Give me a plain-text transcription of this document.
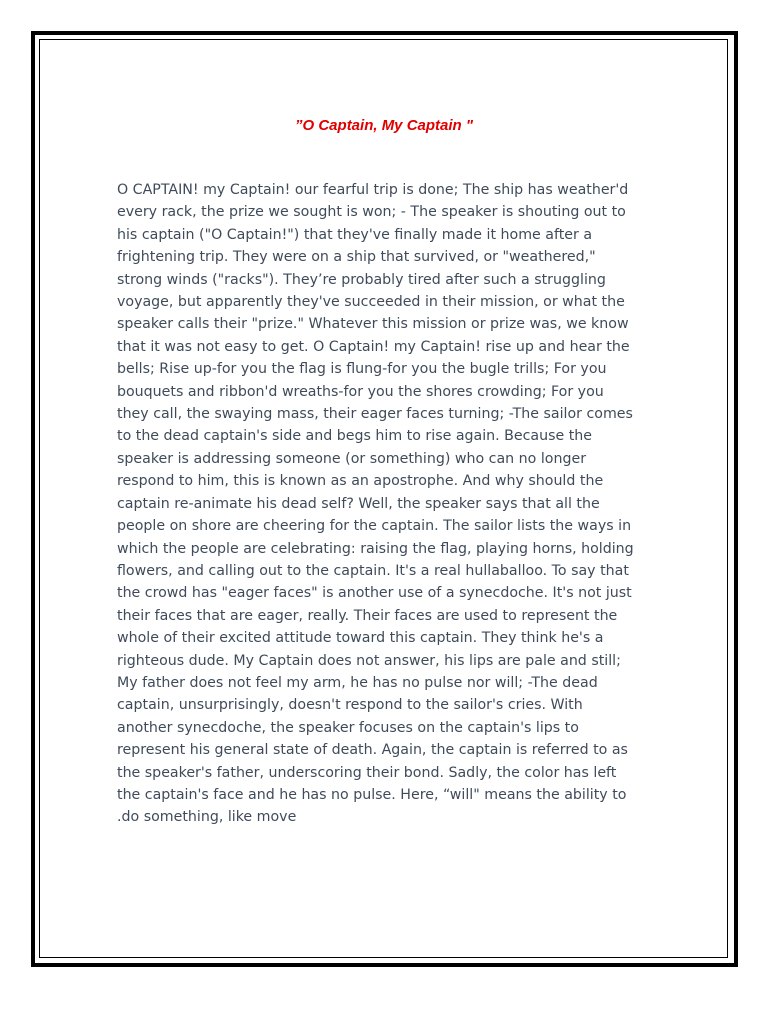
”O Captain, My Captain "
O CAPTAIN! my Captain! our fearful trip is done; The ship has weather'd
every rack, the prize we sought is won; - The speaker is shouting out to
his captain ("O Captain!") that they've finally made it home after a
frightening trip. They were on a ship that survived, or "weathered,"
strong winds ("racks"). They’re probably tired after such a struggling
voyage, but apparently they've succeeded in their mission, or what the
speaker calls their "prize." Whatever this mission or prize was, we know
that it was not easy to get. O Captain! my Captain! rise up and hear the
bells; Rise up-for you the flag is flung-for you the bugle trills; For you
bouquets and ribbon'd wreaths-for you the shores crowding; For you
they call, the swaying mass, their eager faces turning; -The sailor comes
to the dead captain's side and begs him to rise again. Because the
speaker is addressing someone (or something) who can no longer
respond to him, this is known as an apostrophe. And why should the
captain re-animate his dead self? Well, the speaker says that all the
people on shore are cheering for the captain. The sailor lists the ways in
which the people are celebrating: raising the flag, playing horns, holding
flowers, and calling out to the captain. It's a real hullaballoo. To say that
the crowd has "eager faces" is another use of a synecdoche. It's not just
their faces that are eager, really. Their faces are used to represent the
whole of their excited attitude toward this captain. They think he's a
righteous dude. My Captain does not answer, his lips are pale and still;
My father does not feel my arm, he has no pulse nor will; -The dead
captain, unsurprisingly, doesn't respond to the sailor's cries. With
another synecdoche, the speaker focuses on the captain's lips to
represent his general state of death. Again, the captain is referred to as
the speaker's father, underscoring their bond. Sadly, the color has left
the captain's face and he has no pulse. Here, “will" means the ability to
.do something, like move
